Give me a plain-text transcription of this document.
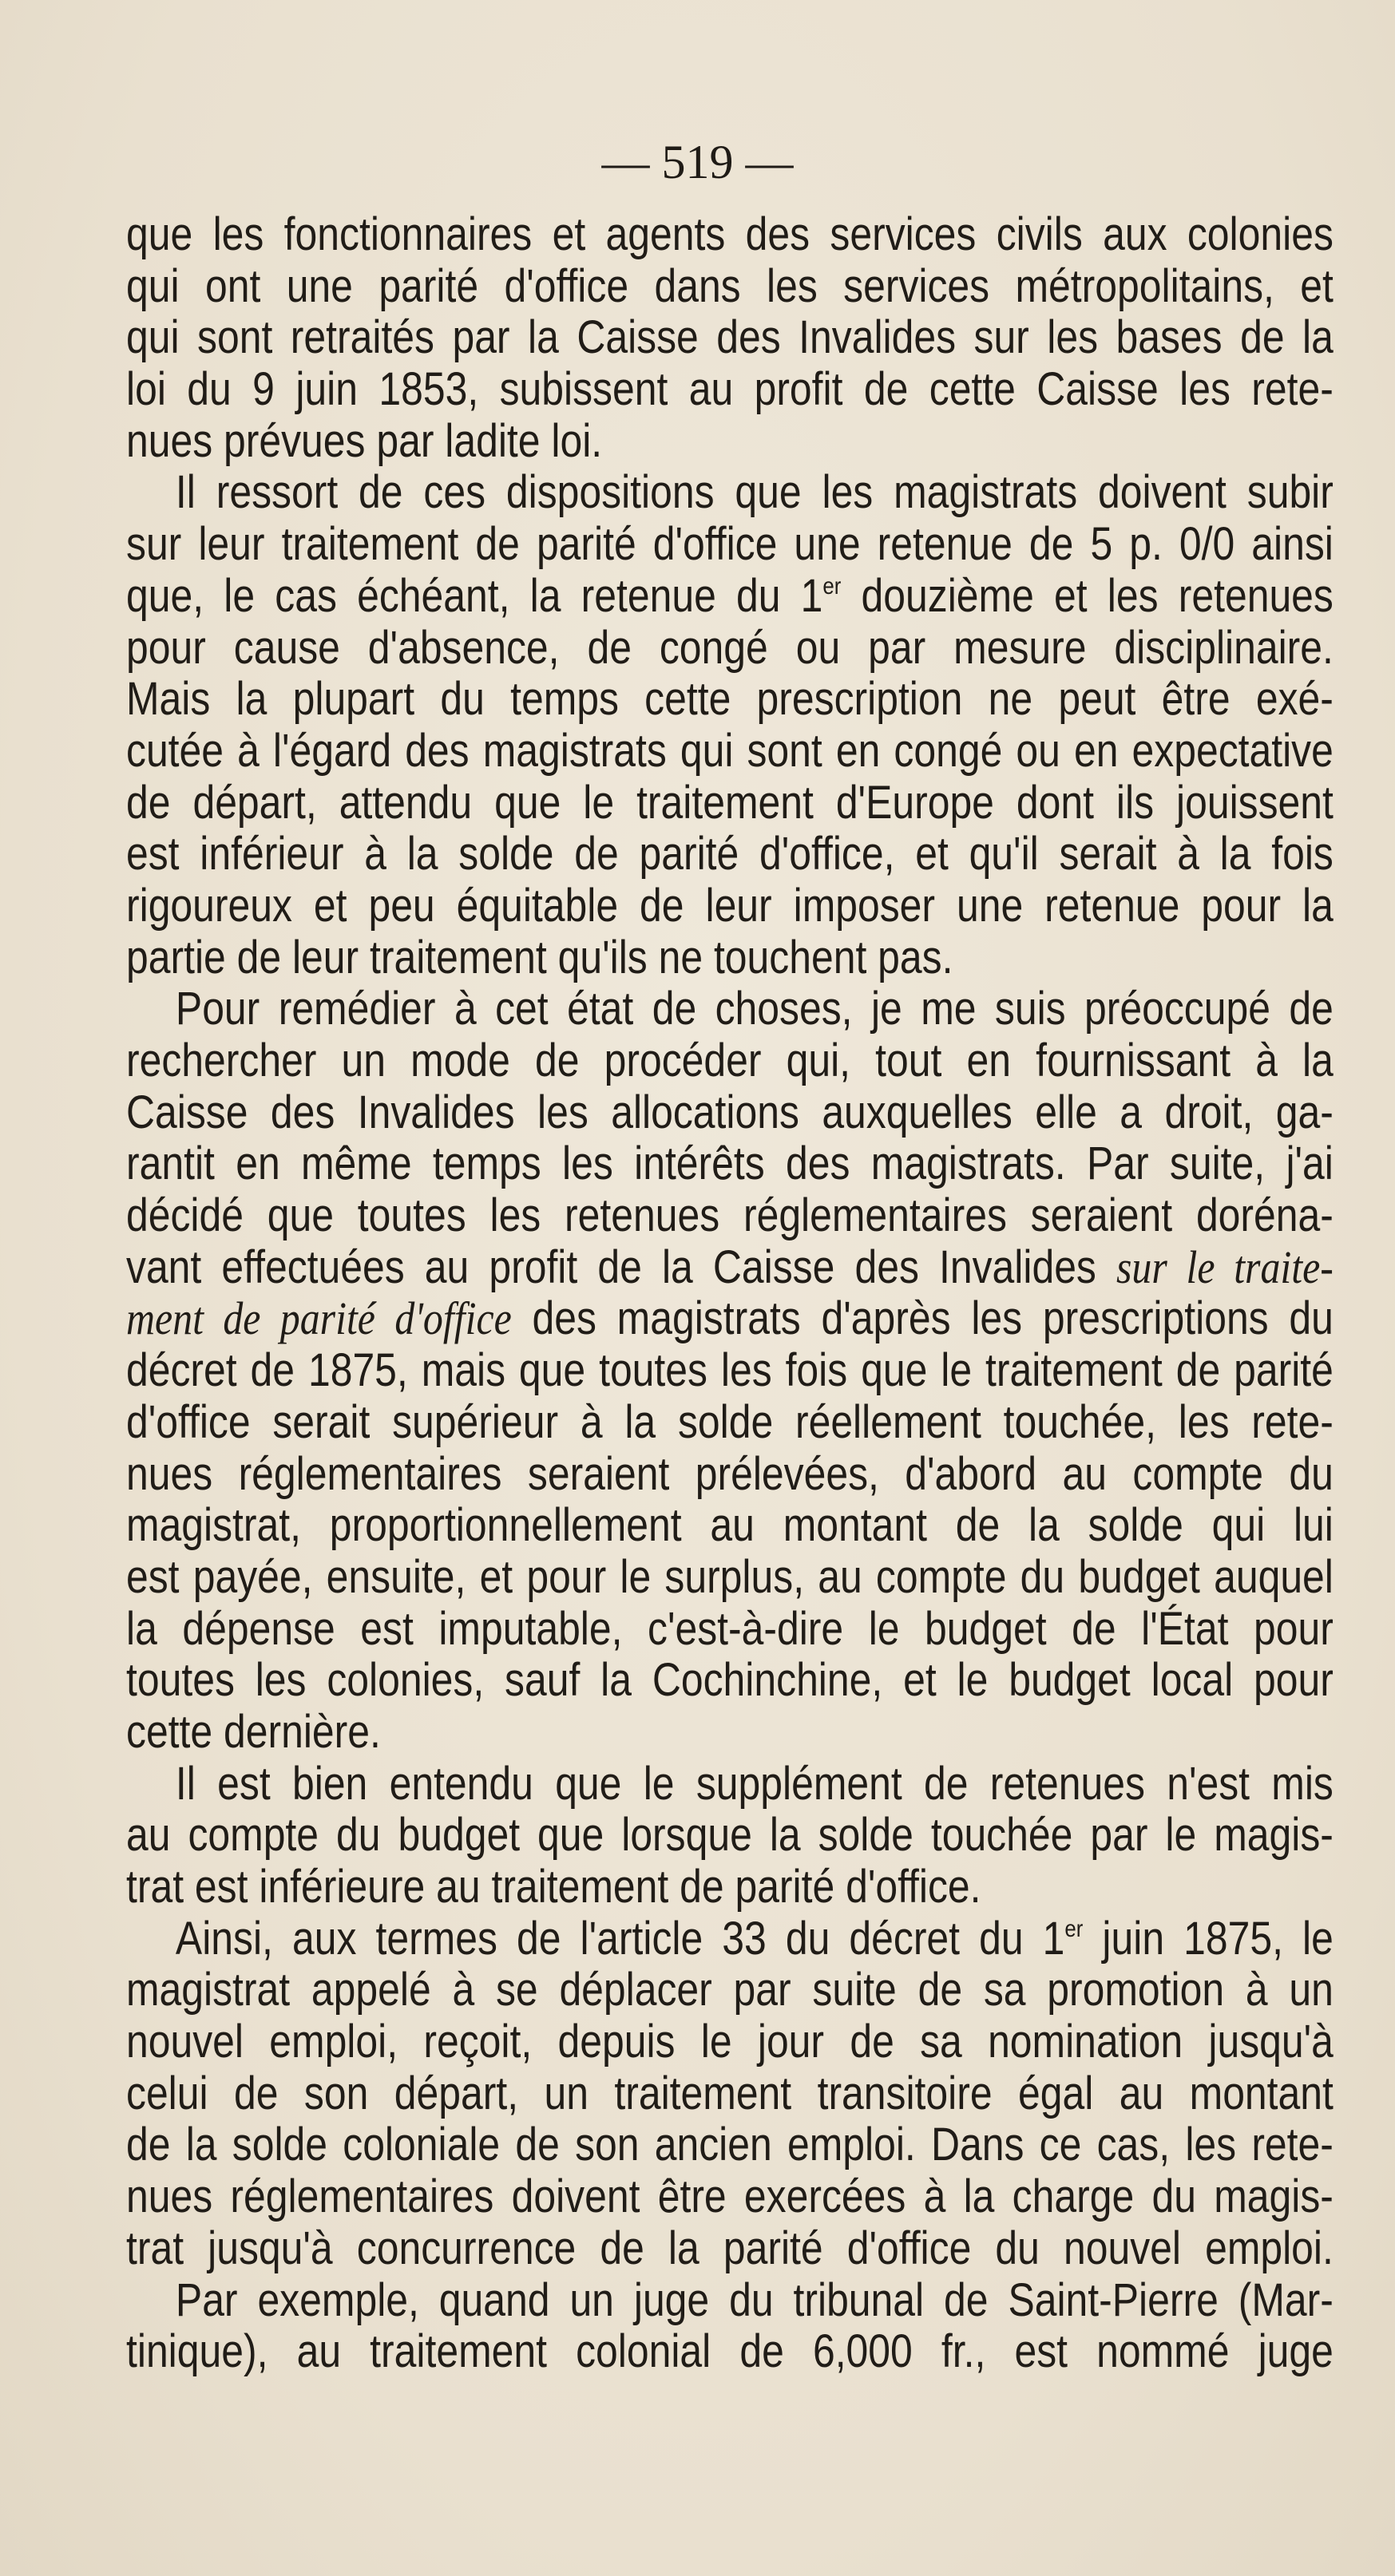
— 519 —
que les fonctionnaires et agents des services civils aux colonies
qui ont une parité d'office dans les services métropolitains, et
qui sont retraités par la Caisse des Invalides sur les bases de la
loi du 9 juin 1853, subissent au profit de cette Caisse les rete-
nues prévues par ladite loi.
Il ressort de ces dispositions que les magistrats doivent subir
sur leur traitement de parité d'office une retenue de 5 p. 0/0 ainsi
que, le cas échéant, la retenue du 1er douzième et les retenues
pour cause d'absence, de congé ou par mesure disciplinaire.
Mais la plupart du temps cette prescription ne peut être exé-
cutée à l'égard des magistrats qui sont en congé ou en expectative
de départ, attendu que le traitement d'Europe dont ils jouissent
est inférieur à la solde de parité d'office, et qu'il serait à la fois
rigoureux et peu équitable de leur imposer une retenue pour la
partie de leur traitement qu'ils ne touchent pas.
Pour remédier à cet état de choses, je me suis préoccupé de
rechercher un mode de procéder qui, tout en fournissant à la
Caisse des Invalides les allocations auxquelles elle a droit, ga-
rantit en même temps les intérêts des magistrats. Par suite, j'ai
décidé que toutes les retenues réglementaires seraient doréna-
vant effectuées au profit de la Caisse des Invalides sur le traite-
ment de parité d'office des magistrats d'après les prescriptions du
décret de 1875, mais que toutes les fois que le traitement de parité
d'office serait supérieur à la solde réellement touchée, les rete-
nues réglementaires seraient prélevées, d'abord au compte du
magistrat, proportionnellement au montant de la solde qui lui
est payée, ensuite, et pour le surplus, au compte du budget auquel
la dépense est imputable, c'est-à-dire le budget de l'État pour
toutes les colonies, sauf la Cochinchine, et le budget local pour
cette dernière.
Il est bien entendu que le supplément de retenues n'est mis
au compte du budget que lorsque la solde touchée par le magis-
trat est inférieure au traitement de parité d'office.
Ainsi, aux termes de l'article 33 du décret du 1er juin 1875, le
magistrat appelé à se déplacer par suite de sa promotion à un
nouvel emploi, reçoit, depuis le jour de sa nomination jusqu'à
celui de son départ, un traitement transitoire égal au montant
de la solde coloniale de son ancien emploi. Dans ce cas, les rete-
nues réglementaires doivent être exercées à la charge du magis-
trat jusqu'à concurrence de la parité d'office du nouvel emploi.
Par exemple, quand un juge du tribunal de Saint-Pierre (Mar-
tinique), au traitement colonial de 6,000 fr., est nommé juge
